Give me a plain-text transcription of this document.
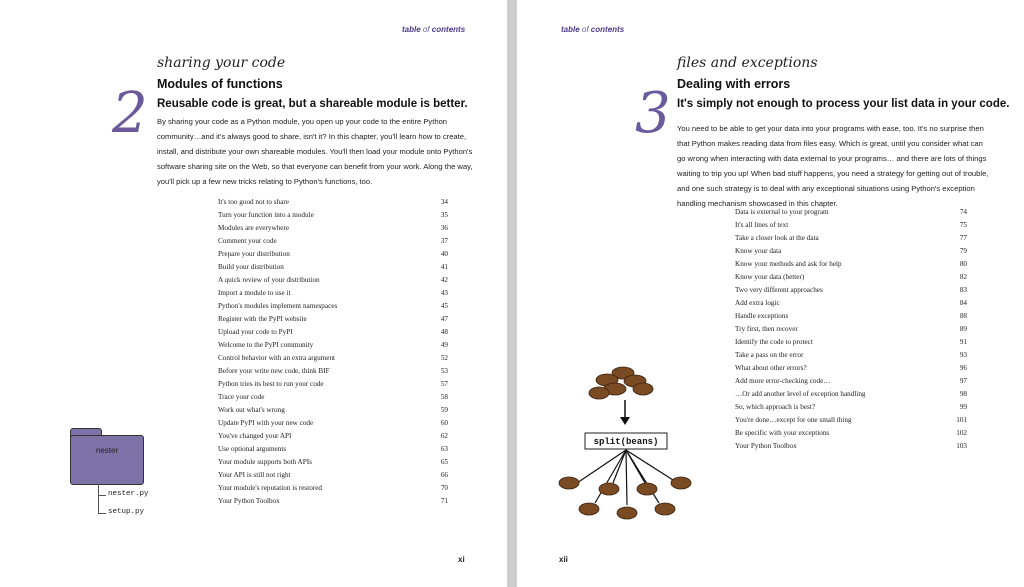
table of contents
sharing your code
Modules of functions
2 Reusable code is great, but a shareable module is better.
By sharing your code as a Python module, you open up your code to the entire Python community…and it's always good to share, isn't it? In this chapter, you'll learn how to create, install, and distribute your own shareable modules. You'll then load your module onto Python's software sharing site on the Web, so that everyone can benefit from your work. Along the way, you'll pick up a few new tricks relating to Python's functions, too.
It's too good not to share	34
Turn your function into a module	35
Modules are everywhere	36
Comment your code	37
Prepare your distribution	40
Build your distribution	41
A quick review of your distribution	42
Import a module to use it	43
Python's modules implement namespaces	45
Register with the PyPI website	47
Upload your code to PyPI	48
Welcome to the PyPI community	49
Control behavior with an extra argument	52
Before your write new code, think BIF	53
Python tries its best to run your code	57
Trace your code	58
Work out what's wrong	59
Update PyPI with your new code	60
You've changed your API	62
Use optional arguments	63
Your module supports both APIs	65
Your API is still not right	66
Your module's reputation is restored	70
Your Python Toolbox	71
nester
nester.py
setup.py
xi
table of contents
files and exceptions
Dealing with errors
3 It's simply not enough to process your list data in your code.
You need to be able to get your data into your programs with ease, too. It's no surprise then that Python makes reading data from files easy. Which is great, until you consider what can go wrong when interacting with data external to your programs… and there are lots of things waiting to trip you up! When bad stuff happens, you need a strategy for getting out of trouble, and one such strategy is to deal with any exceptional situations using Python's exception handling mechanism showcased in this chapter.
Data is external to your program	74
It's all lines of text	75
Take a closer look at the data	77
Know your data	79
Know your methods and ask for help	80
Know your data (better)	82
Two very different approaches	83
Add extra logic	84
Handle exceptions	88
Try first, then recover	89
Identify the code to protect	91
Take a pass on the error	93
What about other errors?	96
Add more error-checking code…	97
…Or add another level of exception handling	98
So, which approach is best?	99
You're done…except for one small thing	101
Be specific with your exceptions	102
Your Python Toolbox	103
split(beans)
xii
